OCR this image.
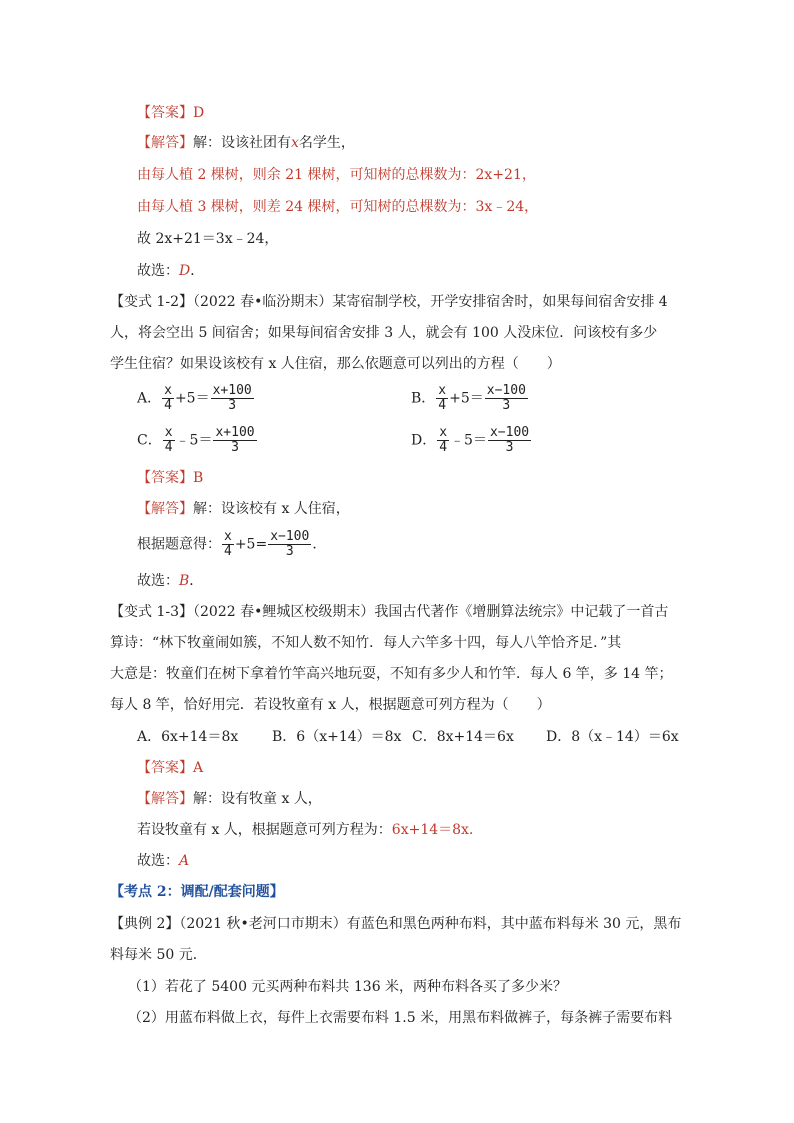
【答案】D
【解答】解：设该社团有x名学生，
由每人植 2 棵树，则余 21 棵树，可知树的总棵数为：2x+21，
由每人植 3 棵树，则差 24 棵树，可知树的总棵数为：3x﹣24，
故 2x+21＝3x﹣24，
故选：D．
【变式 1-2】（2022 春•临汾期末）某寄宿制学校，开学安排宿舍时，如果每间宿舍安排 4
人，将会空出 5 间宿舍；如果每间宿舍安排 3 人，就会有 100 人没床位．问该校有多少
学生住宿？如果设该校有 x 人住宿，那么依题意可以列出的方程（　　）
A． $\frac{x}{4} +5= \frac{x+100}{3}$	B． $\frac{x}{4} +5= \frac{x-100}{3}$
C． $\frac{x}{4}$ ﹣5＝ $\frac{x+100}{3}$	D． $\frac{x}{4}$ ﹣5＝ $\frac{x-100}{3}$
【答案】B
【解答】解：设该校有 x 人住宿，
根据题意得： $\frac{x}{4} +5= \frac{x-100}{3}$ ．
故选：B．
【变式 1-3】（2022 春•鲤城区校级期末）我国古代著作《增删算法统宗》中记载了一首古
算诗：“林下牧童闹如簇，不知人数不知竹．每人六竿多十四，每人八竿恰齐足．”其
大意是：牧童们在树下拿着竹竿高兴地玩耍，不知有多少人和竹竿．每人 6 竿，多 14 竿；
每人 8 竿，恰好用完．若设牧童有 x 人，根据题意可列方程为（　　）
A．6x+14＝8x B．6（x+14）＝8x C．8x+14＝6x D．8（x﹣14）＝6x
【答案】A
【解答】解：设有牧童 x 人，
若设牧童有 x 人，根据题意可列方程为：6x+14＝8x．
故选：A
【考点 2：调配/配套问题】
【典例 2】（2021 秋•老河口市期末）有蓝色和黑色两种布料，其中蓝布料每米 30 元，黑布
料每米 50 元．
（1）若花了 5400 元买两种布料共 136 米，两种布料各买了多少米？
（2）用蓝布料做上衣，每件上衣需要布料 1.5 米，用黑布料做裤子，每条裤子需要布料
